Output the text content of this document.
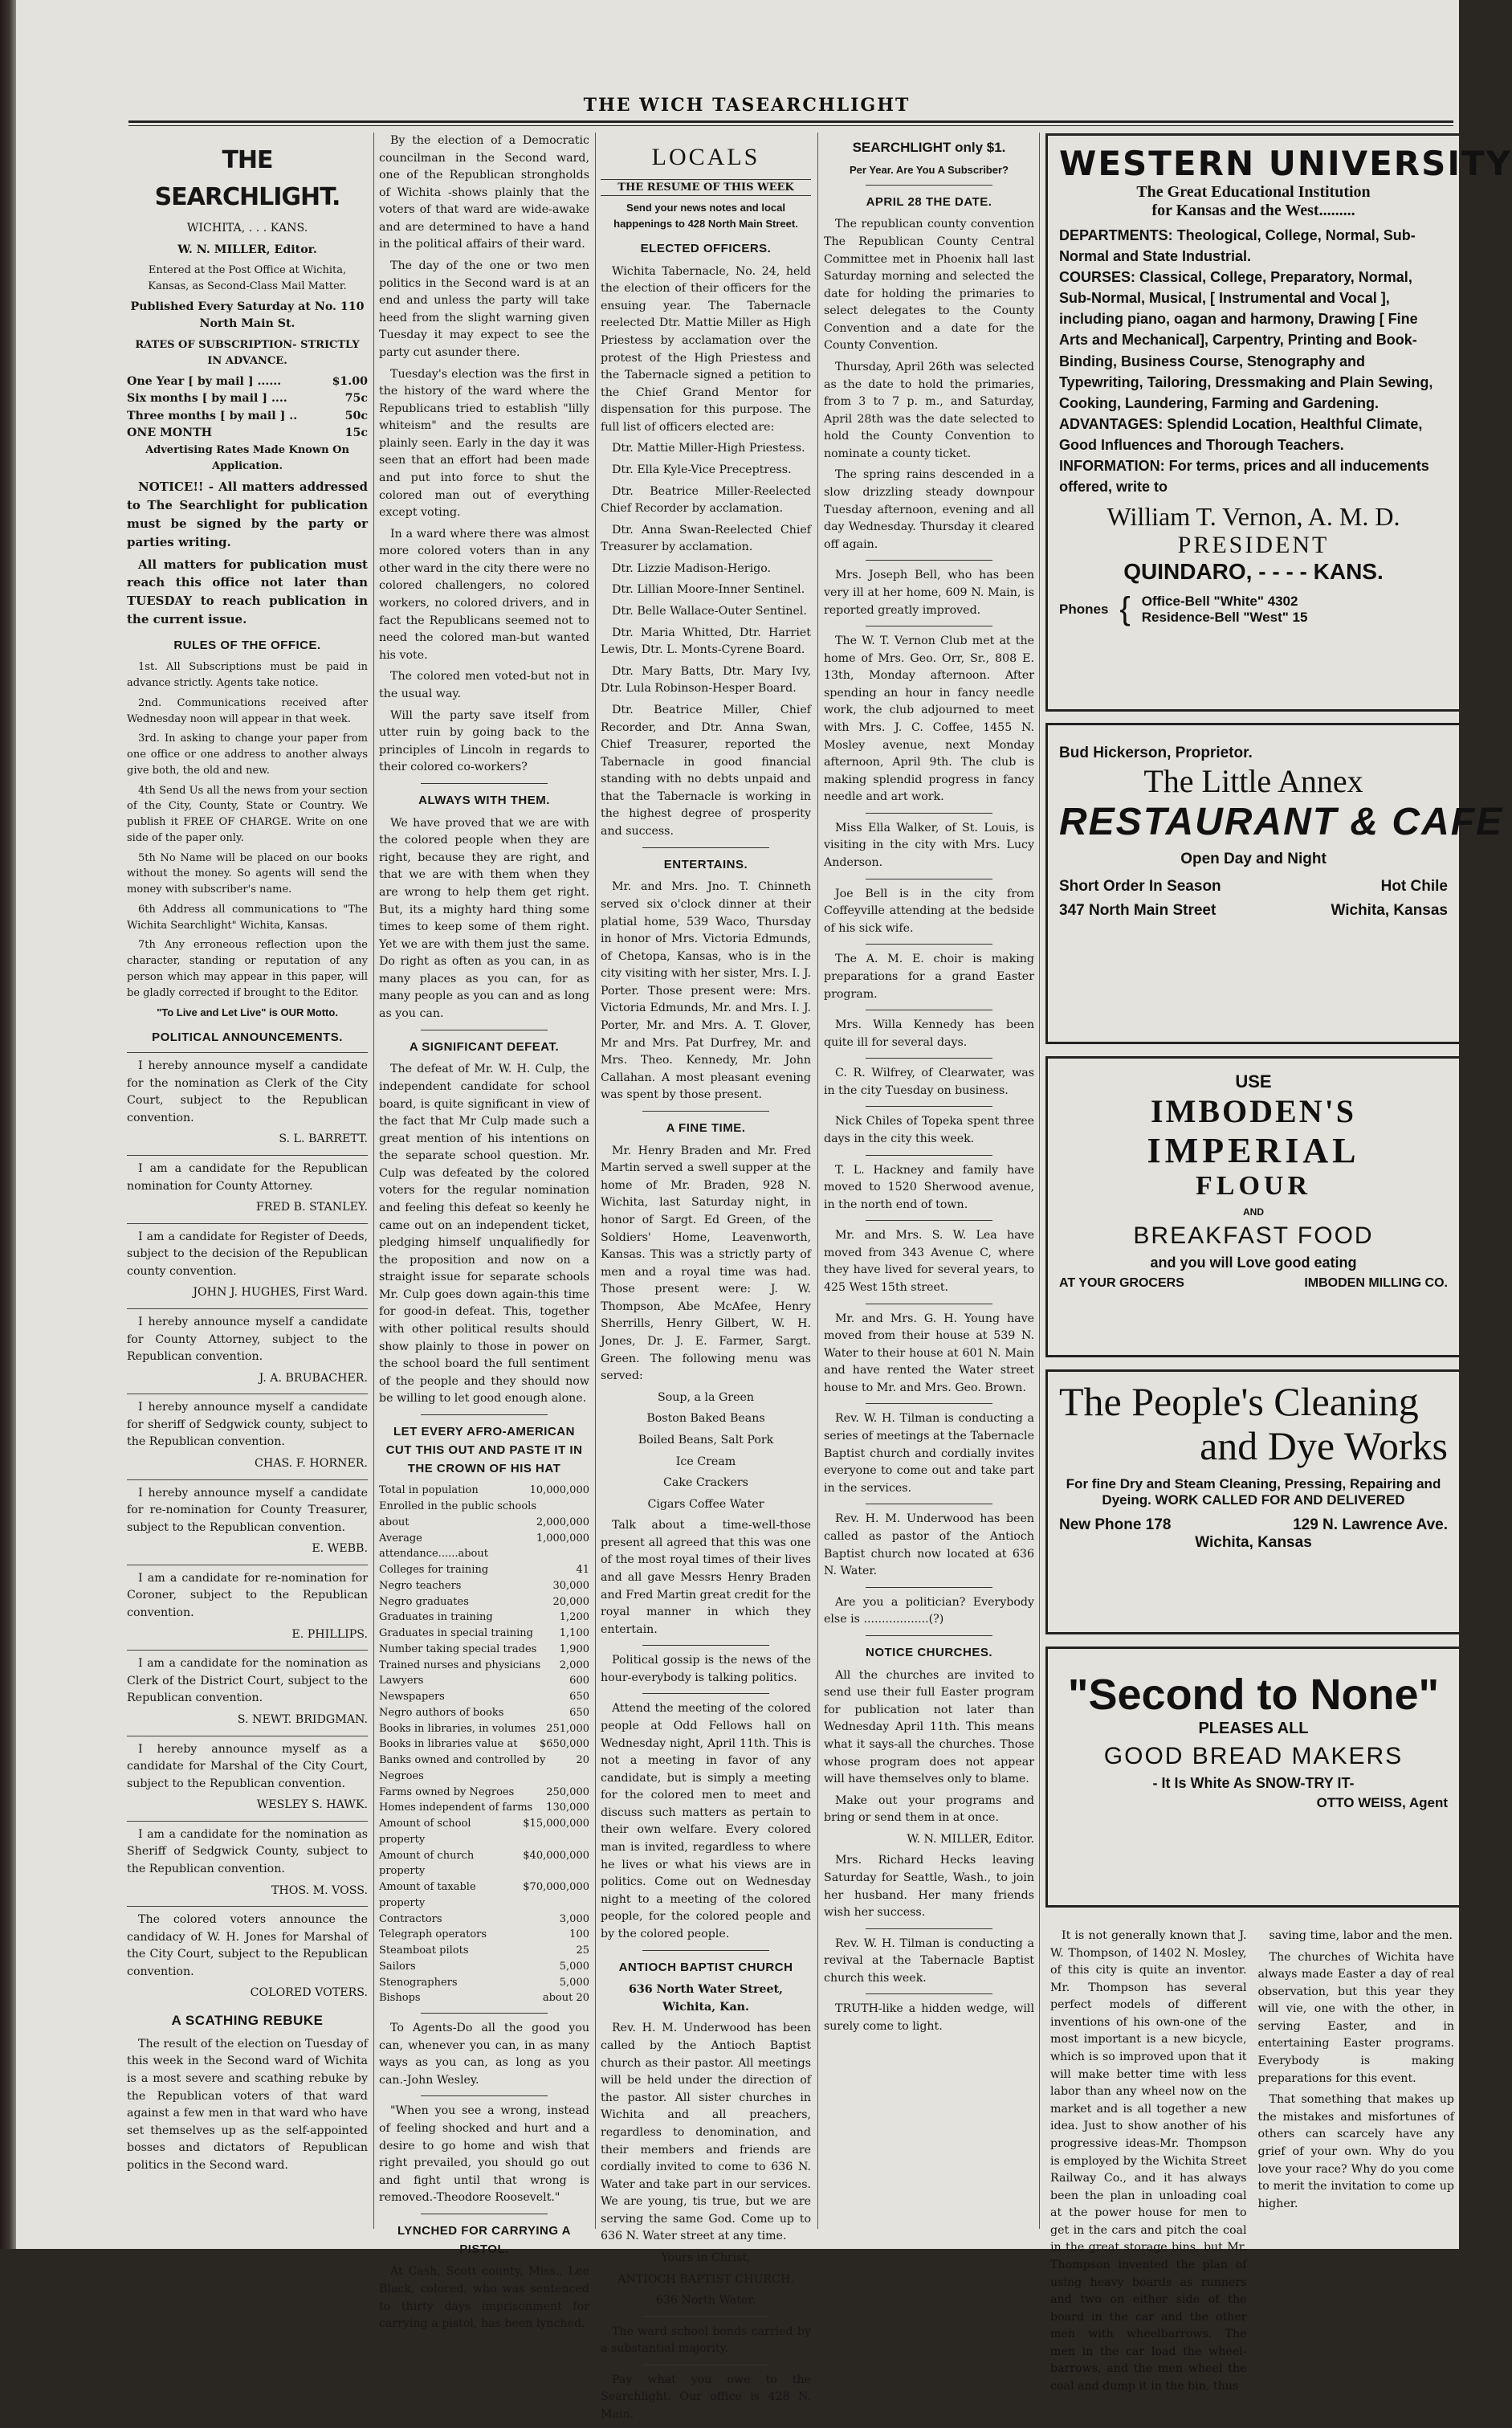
THE WICH TASEARCHLIGHT
THE SEARCHLIGHT.

WICHITA, . . . KANS.

W. N. MILLER, Editor.

Entered at the Post Office at Wichita, Kansas, as Second-Class Mail Matter.

Published Every Saturday at No. 110 North Main St.

RATES OF SUBSCRIPTION- STRICTLY IN ADVANCE.

One Year [ by mail ] ......	$1.00
Six months [ by mail ] ....	75c
Three months [ by mail ] ..	50c
ONE MONTH	15c

Advertising Rates Made Known On Application.

NOTICE!! - All matters addressed to The Searchlight for publication must be signed by the party or parties writing.

All matters for publication must reach this office not later than TUESDAY to reach publication in the current issue.

RULES OF THE OFFICE.

1st. All Subscriptions must be paid in advance strictly. Agents take notice.

2nd. Communications received after Wednesday noon will appear in that week.

3rd. In asking to change your paper from one office or one address to another always give both, the old and new.

4th Send Us all the news from your section of the City, County, State or Country. We publish it FREE OF CHARGE. Write on one side of the paper only.

5th No Name will be placed on our books without the money. So agents will send the money with subscriber's name.

6th Address all communications to "The Wichita Searchlight" Wichita, Kansas.

7th Any erroneous reflection upon the character, standing or reputation of any person which may appear in this paper, will be gladly corrected if brought to the Editor.

"To Live and Let Live" is OUR Motto.

POLITICAL ANNOUNCEMENTS.

I hereby announce myself a candidate for the nomination as Clerk of the City Court, subject to the Republican convention.

S. L. BARRETT.

I am a candidate for the Republican nomination for County Attorney.

FRED B. STANLEY.

I am a candidate for Register of Deeds, subject to the decision of the Republican county convention.

JOHN J. HUGHES, First Ward.

I hereby announce myself a candidate for County Attorney, subject to the Republican convention.

J. A. BRUBACHER.

I hereby announce myself a candidate for sheriff of Sedgwick county, subject to the Republican convention.

CHAS. F. HORNER.

I hereby announce myself a candidate for re-nomination for County Treasurer, subject to the Republican convention.

E. WEBB.

I am a candidate for re-nomination for Coroner, subject to the Republican convention.

E. PHILLIPS.

I am a candidate for the nomination as Clerk of the District Court, subject to the Republican convention.

S. NEWT. BRIDGMAN.

I hereby announce myself as a candidate for Marshal of the City Court, subject to the Republican convention.

WESLEY S. HAWK.

I am a candidate for the nomination as Sheriff of Sedgwick County, subject to the Republican convention.

THOS. M. VOSS.

The colored voters announce the candidacy of W. H. Jones for Marshal of the City Court, subject to the Republican convention.

COLORED VOTERS.

A SCATHING REBUKE

The result of the election on Tuesday of this week in the Second ward of Wichita is a most severe and scathing rebuke by the Republican voters of that ward against a few men in that ward who have set themselves up as the self-appointed bosses and dictators of Republican politics in the Second ward.

By the election of a Democratic councilman in the Second ward, one of the Republican strongholds of Wichita -shows plainly that the voters of that ward are wide-awake and are determined to have a hand in the political affairs of their ward.

The day of the one or two men politics in the Second ward is at an end and unless the party will take heed from the slight warning given Tuesday it may expect to see the party cut asunder there.

Tuesday's election was the first in the history of the ward where the Republicans tried to establish "lilly whiteism" and the results are plainly seen. Early in the day it was seen that an effort had been made and put into force to shut the colored man out of everything except voting.

In a ward where there was almost more colored voters than in any other ward in the city there were no colored challengers, no colored workers, no colored drivers, and in fact the Republicans seemed not to need the colored man-but wanted his vote.

The colored men voted-but not in the usual way.

Will the party save itself from utter ruin by going back to the principles of Lincoln in regards to their colored co-workers?

ALWAYS WITH THEM.

We have proved that we are with the colored people when they are right, because they are right, and that we are with them when they are wrong to help them get right. But, its a mighty hard thing some times to keep some of them right. Yet we are with them just the same. Do right as often as you can, in as many places as you can, for as many people as you can and as long as you can.

A SIGNIFICANT DEFEAT.

The defeat of Mr. W. H. Culp, the independent candidate for school board, is quite significant in view of the fact that Mr Culp made such a great mention of his intentions on the separate school question. Mr. Culp was defeated by the colored voters for the regular nomination and feeling this defeat so keenly he came out on an independent ticket, pledging himself unqualifiedly for the proposition and now on a straight issue for separate schools Mr. Culp goes down again-this time for good-in defeat. This, together with other political results should show plainly to those in power on the school board the full sentiment of the people and they should now be willing to let good enough alone.

LET EVERY AFRO-AMERICAN CUT THIS OUT AND PASTE IT IN THE CROWN OF HIS HAT
Total in population	10,000,000
Enrolled in the public schools
about	2,000,000
Average attendance......about
1,000,000
Colleges for training	41
Negro teachers	30,000
Negro graduates	20,000
Graduates in training	1,200
Graduates in special training	1,100
Number taking special trades 1,900
Trained nurses and physicians 2,000
Lawyers	600
Newspapers	650
Negro authors of books	650
Books in libraries, in volumes 251,000
Books in libraries value at $650,000
Banks owned and controlled by Negroes
20
Farms owned by Negroes	250,000
Homes independent of farms 130,000
Amount of school property
$15,000,000
Amount of church property
$40,000,000
Amount of taxable property
$70,000,000
Contractors	3,000
Telegraph operators	100
Steamboat pilots	25
Sailors	5,000
Stenographers	5,000
Bishops	about 20

To Agents-Do all the good you can, whenever you can, in as many ways as you can, as long as you can.-John Wesley.

"When you see a wrong, instead of feeling shocked and hurt and a desire to go home and wish that right prevailed, you should go out and fight until that wrong is removed.-Theodore Roosevelt."

LYNCHED FOR CARRYING A PISTOL.

At Cash, Scott county, Miss., Lee Black, colored, who was sentenced to thirty days imprisonment for carrying a pistol, has been lynched.

LOCALS

THE RESUME OF THIS WEEK

Send your news notes and local happenings to 428 North Main Street.

ELECTED OFFICERS.

Wichita Tabernacle, No. 24, held the election of their officers for the ensuing year. The Tabernacle reelected Dtr. Mattie Miller as High Priestess by acclamation over the protest of the High Priestess and the Tabernacle signed a petition to the Chief Grand Mentor for dispensation for this purpose. The full list of officers elected are:

Dtr. Mattie Miller-High Priestess.

Dtr. Ella Kyle-Vice Preceptress.

Dtr. Beatrice Miller-Reelected Chief Recorder by acclamation.

Dtr. Anna Swan-Reelected Chief Treasurer by acclamation.

Dtr. Lizzie Madison-Herigo.

Dtr. Lillian Moore-Inner Sentinel.

Dtr. Belle Wallace-Outer Sentinel.

Dtr. Maria Whitted, Dtr. Harriet Lewis, Dtr. L. Monts-Cyrene Board.

Dtr. Mary Batts, Dtr. Mary Ivy, Dtr. Lula Robinson-Hesper Board.

Dtr. Beatrice Miller, Chief Recorder, and Dtr. Anna Swan, Chief Treasurer, reported the Tabernacle in good financial standing with no debts unpaid and that the Tabernacle is working in the highest degree of prosperity and success.

ENTERTAINS.

Mr. and Mrs. Jno. T. Chinneth served six o'clock dinner at their platial home, 539 Waco, Thursday in honor of Mrs. Victoria Edmunds, of Chetopa, Kansas, who is in the city visiting with her sister, Mrs. I. J. Porter. Those present were: Mrs. Victoria Edmunds, Mr. and Mrs. I. J. Porter, Mr. and Mrs. A. T. Glover, Mr and Mrs. Pat Durfrey, Mr. and Mrs. Theo. Kennedy, Mr. John Callahan. A most pleasant evening was spent by those present.

A FINE TIME.

Mr. Henry Braden and Mr. Fred Martin served a swell supper at the home of Mr. Braden, 928 N. Wichita, last Saturday night, in honor of Sargt. Ed Green, of the Soldiers' Home, Leavenworth, Kansas. This was a strictly party of men and a royal time was had. Those present were: J. W. Thompson, Abe McAfee, Henry Sherrills, Henry Gilbert, W. H. Jones, Dr. J. E. Farmer, Sargt. Green. The following menu was served:

Soup, a la Green

Boston Baked Beans

Boiled Beans, Salt Pork

Ice Cream

Cake Crackers

Cigars Coffee Water

Talk about a time-well-those present all agreed that this was one of the most royal times of their lives and all gave Messrs Henry Braden and Fred Martin great credit for the royal manner in which they entertain.

Political gossip is the news of the hour-everybody is talking politics.

Attend the meeting of the colored people at Odd Fellows hall on Wednesday night, April 11th. This is not a meeting in favor of any candidate, but is simply a meeting for the colored men to meet and discuss such matters as pertain to their own welfare. Every colored man is invited, regardless to where he lives or what his views are in politics. Come out on Wednesday night to a meeting of the colored people, for the colored people and by the colored people.

ANTIOCH BAPTIST CHURCH

636 North Water Street, Wichita, Kan.

Rev. H. M. Underwood has been called by the Antioch Baptist church as their pastor. All meetings will be held under the direction of the pastor. All sister churches in Wichita and all preachers, regardless to denomination, and their members and friends are cordially invited to come to 636 N. Water and take part in our services. We are young, tis true, but we are serving the same God. Come up to 636 N. Water street at any time.

Yours in Christ,

ANTIOCH BAPTIST CHURCH.

636 North Water.

The ward school bonds carried by a substantial majority.

Pay what you owe to the Searchlight. Our office is 428 N. Main.

SEARCHLIGHT only $1.

Per Year. Are You A Subscriber?

APRIL 28 THE DATE.

The republican county convention The Republican County Central Committee met in Phoenix hall last Saturday morning and selected the date for holding the primaries to select delegates to the County Convention and a date for the County Convention.

Thursday, April 26th was selected as the date to hold the primaries, from 3 to 7 p. m., and Saturday, April 28th was the date selected to hold the County Convention to nominate a county ticket.

The spring rains descended in a slow drizzling steady downpour Tuesday afternoon, evening and all day Wednesday. Thursday it cleared off again.

Mrs. Joseph Bell, who has been very ill at her home, 609 N. Main, is reported greatly improved.

The W. T. Vernon Club met at the home of Mrs. Geo. Orr, Sr., 808 E. 13th, Monday afternoon. After spending an hour in fancy needle work, the club adjourned to meet with Mrs. J. C. Coffee, 1455 N. Mosley avenue, next Monday afternoon, April 9th. The club is making splendid progress in fancy needle and art work.

Miss Ella Walker, of St. Louis, is visiting in the city with Mrs. Lucy Anderson.

Joe Bell is in the city from Coffeyville attending at the bedside of his sick wife.

The A. M. E. choir is making preparations for a grand Easter program.

Mrs. Willa Kennedy has been quite ill for several days.

C. R. Wilfrey, of Clearwater, was in the city Tuesday on business.

Nick Chiles of Topeka spent three days in the city this week.

T. L. Hackney and family have moved to 1520 Sherwood avenue, in the north end of town.

Mr. and Mrs. S. W. Lea have moved from 343 Avenue C, where they have lived for several years, to 425 West 15th street.

Mr. and Mrs. G. H. Young have moved from their house at 539 N. Water to their house at 601 N. Main and have rented the Water street house to Mr. and Mrs. Geo. Brown.

Rev. W. H. Tilman is conducting a series of meetings at the Tabernacle Baptist church and cordially invites everyone to come out and take part in the services.

Rev. H. M. Underwood has been called as pastor of the Antioch Baptist church now located at 636 N. Water.

Are you a politician? Everybody else is ..................(?)

NOTICE CHURCHES.

All the churches are invited to send use their full Easter program for publication not later than Wednesday April 11th. This means what it says-all the churches. Those whose program does not appear will have themselves only to blame.

Make out your programs and bring or send them in at once.

W. N. MILLER, Editor.

Mrs. Richard Hecks leaving Saturday for Seattle, Wash., to join her husband. Her many friends wish her success.

Rev. W. H. Tilman is conducting a revival at the Tabernacle Baptist church this week.

TRUTH-like a hidden wedge, will surely come to light.

WESTERN UNIVERSITY
The Great Educational Institution
for Kansas and the West.........
DEPARTMENTS: Theological, College, Normal, Sub-Normal and State Industrial.
COURSES: Classical, College, Preparatory, Normal, Sub-Normal, Musical, [ Instrumental and Vocal ], including piano, oagan and harmony, Drawing [ Fine Arts and Mechanical], Carpentry, Printing and Book-Binding, Business Course, Stenography and Typewriting, Tailoring, Dressmaking and Plain Sewing, Cooking, Laundering, Farming and Gardening.
ADVANTAGES: Splendid Location, Healthful Climate, Good Influences and Thorough Teachers.
INFORMATION: For terms, prices and all inducements offered, write to
William T. Vernon, A. M. D.
PRESIDENT
QUINDARO, - - - - KANS.
Phones { Office-Bell "White" 4302
Residence-Bell "West" 15
Bud Hickerson, Proprietor.
The Little Annex
RESTAURANT & CAFE
Open Day and Night
Short Order In Season	Hot Chile
347 North Main Street	Wichita, Kansas
USE
IMBODEN'S
IMPERIAL
FLOUR
AND
BREAKFAST FOOD
and you will Love good eating
AT YOUR GROCERS	IMBODEN MILLING CO.
The People's Cleaning
and Dye Works
For fine Dry and Steam Cleaning, Pressing, Repairing and Dyeing. WORK CALLED FOR AND DELIVERED
New Phone 178	129 N. Lawrence Ave.
Wichita, Kansas
"Second to None"
PLEASES ALL
GOOD BREAD MAKERS
- It Is White As SNOW-TRY IT-
OTTO WEISS, Agent

It is not generally known that J. W. Thompson, of 1402 N. Mosley, of this city is quite an inventor. Mr. Thompson has several perfect models of different inventions of his own-one of the most important is a new bicycle, which is so improved upon that it will make better time with less labor than any wheel now on the market and is all together a new idea. Just to show another of his progressive ideas-Mr. Thompson is employed by the Wichita Street Railway Co., and it has always been the plan in unloading coal at the power house for men to get in the cars and pitch the coal in the great storage bins, but Mr. Thompson invented the plan of using heavy boards as runners and two on either side of the board in the car and the other men with wheelbarrows. The men in the car load the wheel-barrows, and the men wheel the coal and dump it in the bin, thus

saving time, labor and the men.

The churches of Wichita have always made Easter a day of real observation, but this year they will vie, one with the other, in serving Easter, and in entertaining Easter programs. Everybody is making preparations for this event.

That something that makes up the mistakes and misfortunes of others can scarcely have any grief of your own. Why do you love your race? Why do you come to merit the invitation to come up higher.
